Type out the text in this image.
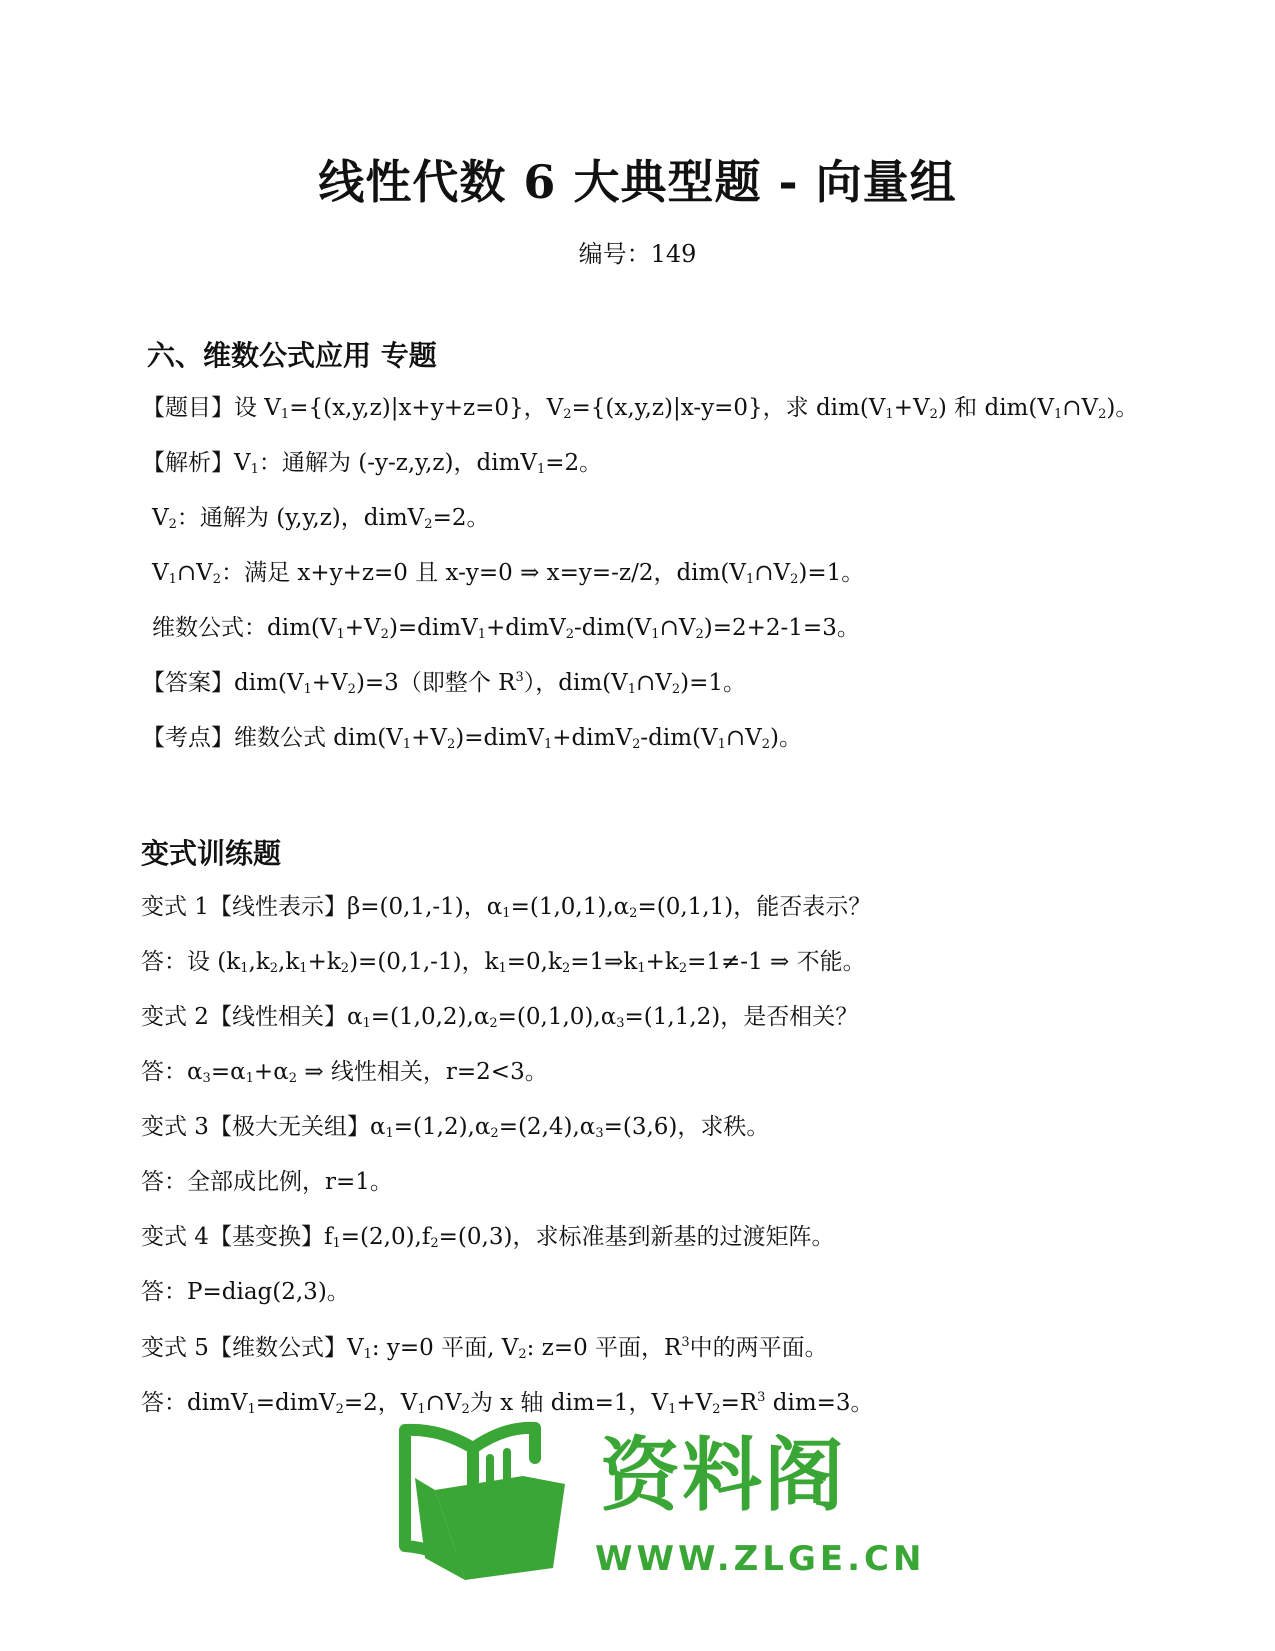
线性代数 6 大典型题 - 向量组
编号：149
六、维数公式应用 专题
【题目】设 $V_1=\{(x,y,z)|x+y+z=0\}$，$V_2=\{(x,y,z)|x-y=0\}$，求 $dim(V_1+V_2)$ 和 $dim(V_1\cap V_2)$。
【解析】$V_1$：通解为 (-y-z,y,z)，dimV$_1$=2。
$V_2$：通解为 (y,y,z)，dimV$_2$=2。
$V_1\cap V_2$：满足 x+y+z=0 且 x-y=0 ⇒ x=y=-z/2，$dim(V_1\cap V_2)=1$。
维数公式：$dim(V_1+V_2)=dimV_1+dimV_2-dim(V_1\cap V_2)=2+2-1=3$。
【答案】$dim(V_1+V_2)=3$（即整个 $R^3$），$dim(V_1\cap V_2)=1$。
【考点】维数公式 $dim(V_1+V_2)=dimV_1+dimV_2-dim(V_1\cap V_2)$。
变式训练题
变式 1【线性表示】β=(0,1,-1)，$\alpha_1=(1,0,1),\alpha_2=(0,1,1)$，能否表示？
答：设 $(k_1,k_2,k_1+k_2)=(0,1,-1)$，$k_1=0,k_2=1\Rightarrow k_1+k_2=1\ne-1$ ⇒ 不能。
变式 2【线性相关】$\alpha_1=(1,0,2),\alpha_2=(0,1,0),\alpha_3=(1,1,2)$，是否相关？
答：$\alpha_3=\alpha_1+\alpha_2$ ⇒ 线性相关，r=2<3。
变式 3【极大无关组】$\alpha_1=(1,2),\alpha_2=(2,4),\alpha_3=(3,6)$，求秩。
答：全部成比例，r=1。
变式 4【基变换】$f_1=(2,0),f_2=(0,3)$，求标准基到新基的过渡矩阵。
答：P=diag(2,3)。
变式 5【维数公式】$V_1$: y=0 平面, $V_2$: z=0 平面，$R^3$中的两平面。
答：dimV$_1$=dimV$_2$=2，$V_1\cap V_2$为 x 轴 dim=1，$V_1+V_2=R^3$ dim=3。
资料阁
WWW.ZLGE.CN
